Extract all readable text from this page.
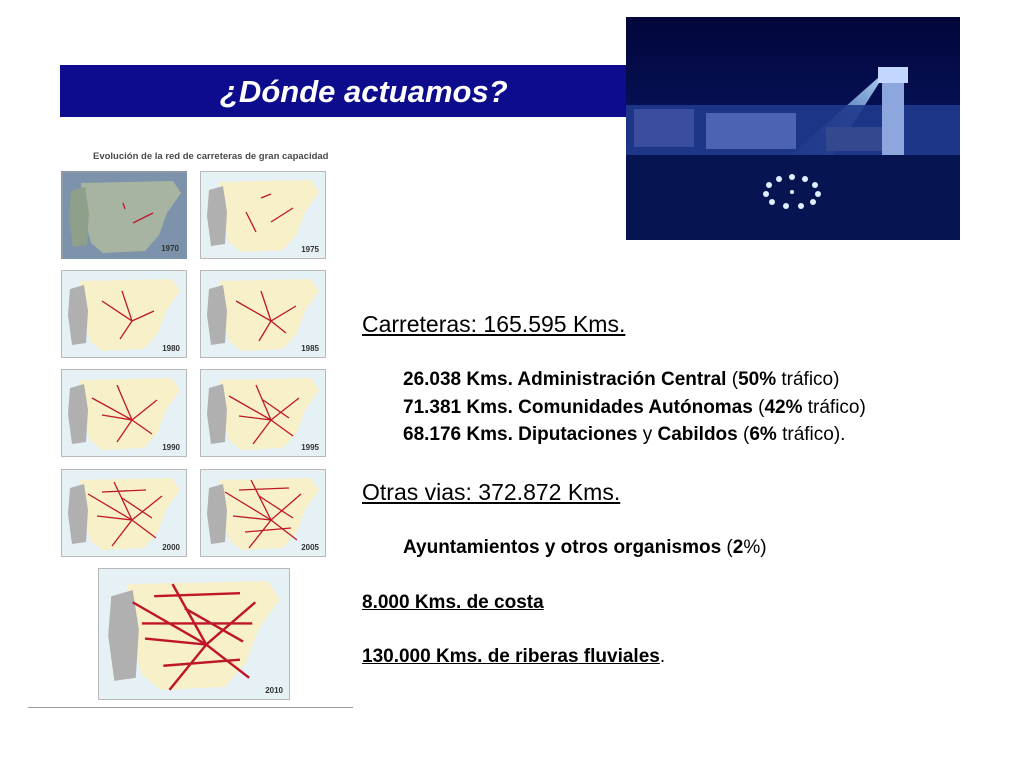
¿Dónde actuamos?
Evolución de la red de carreteras de gran capacidad
1970	1975
1980	1985
1990	1995
2000	2005
2010
Carreteras: 165.595 Kms.
26.038 Kms. Administración Central (50% tráfico)
71.381 Kms. Comunidades Autónomas (42% tráfico)
68.176 Kms. Diputaciones y Cabildos (6% tráfico).
Otras vias: 372.872 Kms.
Ayuntamientos y otros organismos (2%)
8.000 Kms. de costa
130.000 Kms. de riberas fluviales.
